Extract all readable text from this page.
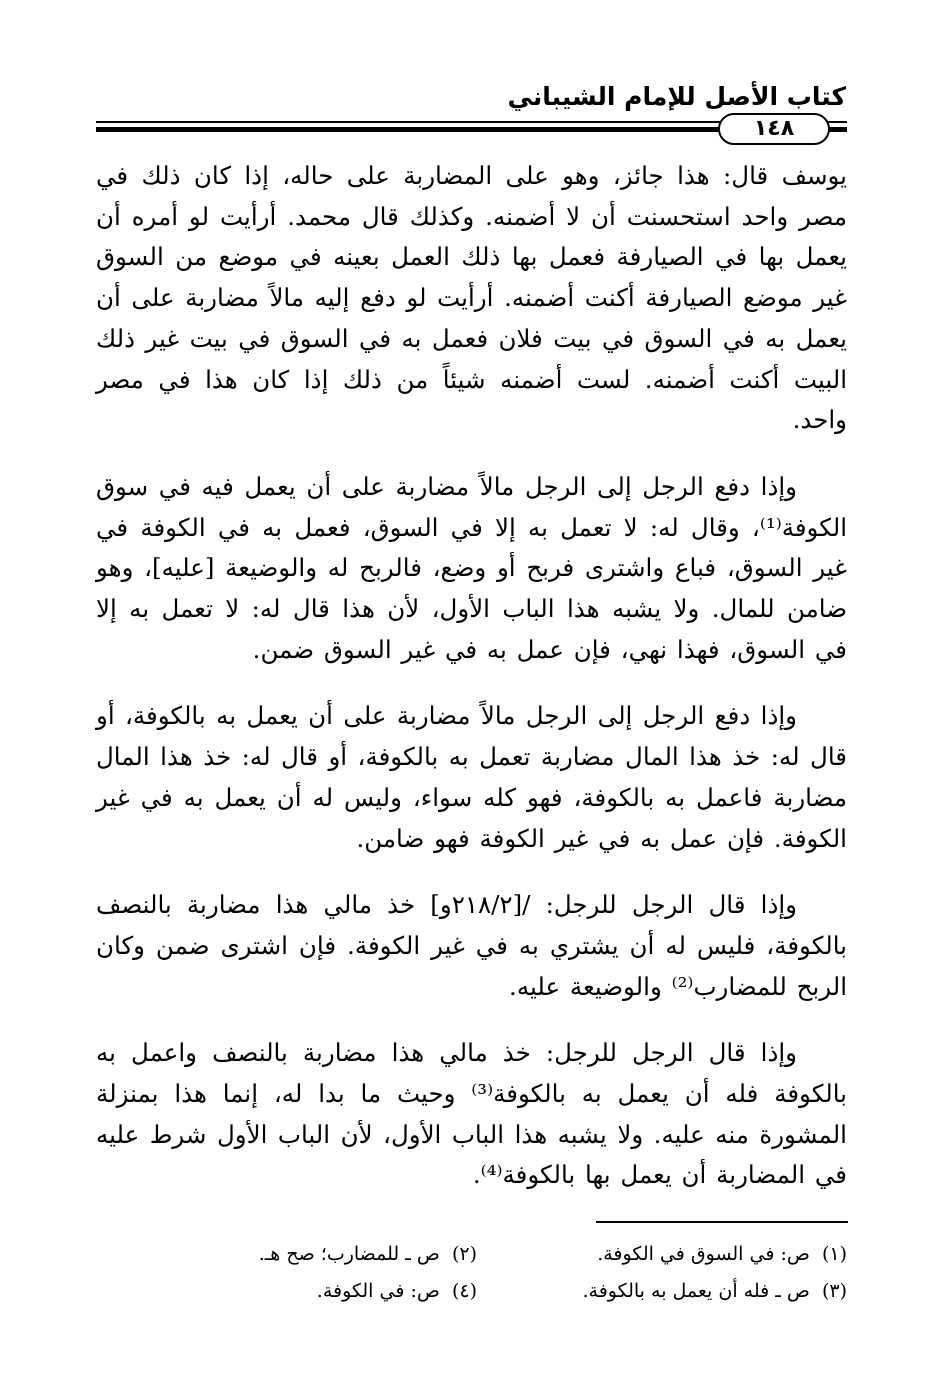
كتاب الأصل للإمام الشيباني
١٤٨

يوسف قال: هذا جائز، وهو على المضاربة على حاله، إذا كان ذلك في مصر واحد استحسنت أن لا أضمنه. وكذلك قال محمد. أرأيت لو أمره أن يعمل بها في الصيارفة فعمل بها ذلك العمل بعينه في موضع من السوق غير موضع الصيارفة أكنت أضمنه. أرأيت لو دفع إليه مالاً مضاربة على أن يعمل به في السوق في بيت فلان فعمل به في السوق في بيت غير ذلك البيت أكنت أضمنه. لست أضمنه شيئاً من ذلك إذا كان هذا في مصر واحد.

وإذا دفع الرجل إلى الرجل مالاً مضاربة على أن يعمل فيه في سوق الكوفة⁽¹⁾، وقال له: لا تعمل به إلا في السوق، فعمل به في الكوفة في غير السوق، فباع واشترى فربح أو وضع، فالربح له والوضيعة [عليه]، وهو ضامن للمال. ولا يشبه هذا الباب الأول، لأن هذا قال له: لا تعمل به إلا في السوق، فهذا نهي، فإن عمل به في غير السوق ضمن.

وإذا دفع الرجل إلى الرجل مالاً مضاربة على أن يعمل به بالكوفة، أو قال له: خذ هذا المال مضاربة تعمل به بالكوفة، أو قال له: خذ هذا المال مضاربة فاعمل به بالكوفة، فهو كله سواء، وليس له أن يعمل به في غير الكوفة. فإن عمل به في غير الكوفة فهو ضامن.

وإذا قال الرجل للرجل: /[٢١٨/٢و] خذ مالي هذا مضاربة بالنصف بالكوفة، فليس له أن يشتري به في غير الكوفة. فإن اشترى ضمن وكان الربح للمضارب⁽²⁾ والوضيعة عليه.

وإذا قال الرجل للرجل: خذ مالي هذا مضاربة بالنصف واعمل به بالكوفة فله أن يعمل به بالكوفة⁽³⁾ وحيث ما بدا له، إنما هذا بمنزلة المشورة منه عليه. ولا يشبه هذا الباب الأول، لأن الباب الأول شرط عليه في المضاربة أن يعمل بها بالكوفة⁽⁴⁾.

(١)  ص: في السوق في الكوفة.
(٢)  ص ـ للمضارب؛ صح هـ.
(٣)  ص ـ فله أن يعمل به بالكوفة.
(٤)  ص: في الكوفة.
